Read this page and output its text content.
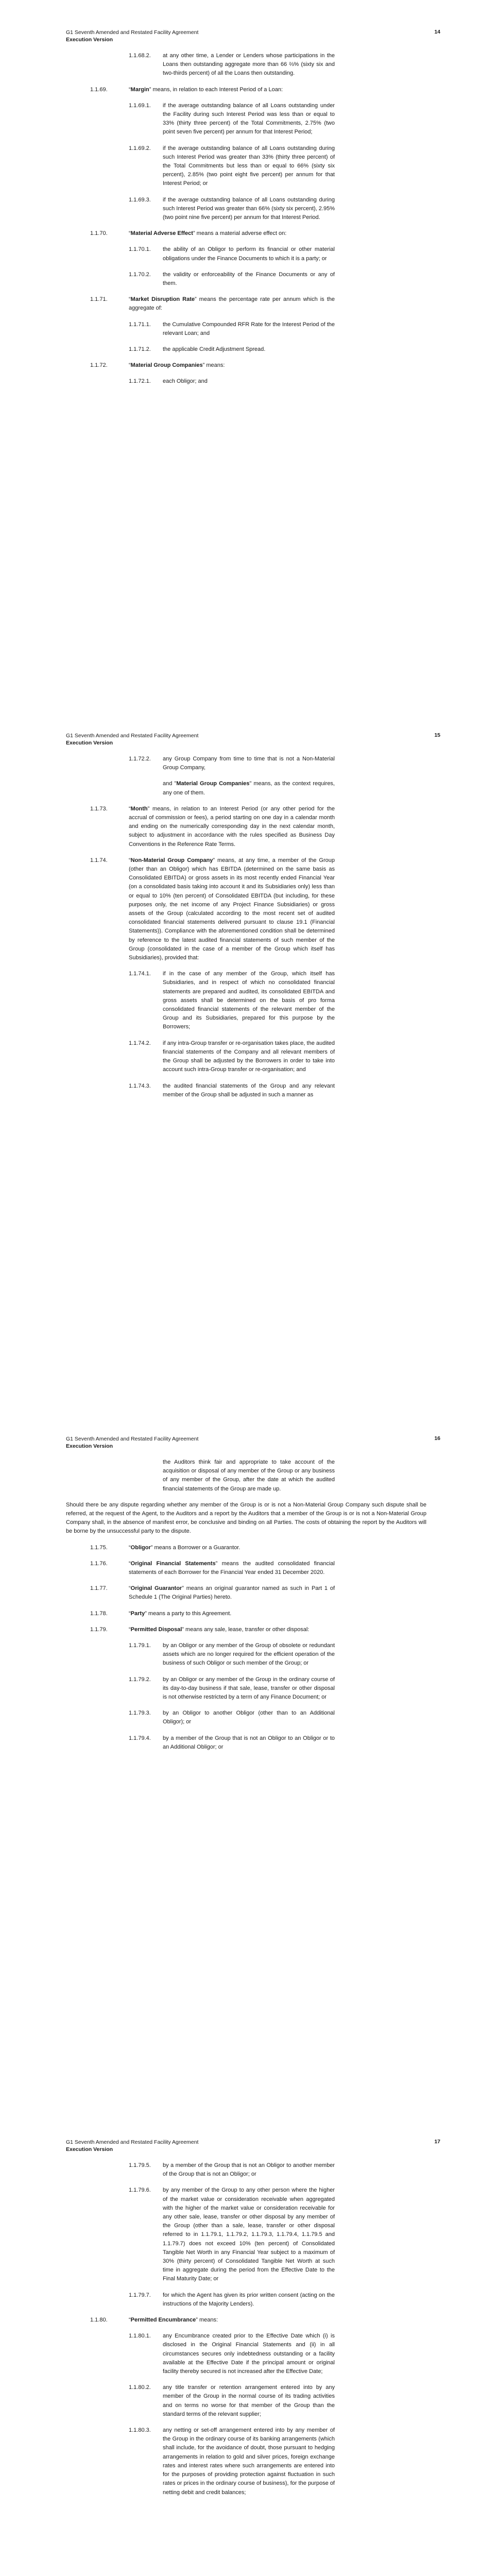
G1 Seventh Amended and Restated Facility Agreement
Execution Version
14
1.1.68.2. at any other time, a Lender or Lenders whose participations in the Loans then outstanding aggregate more than 66 ⅔% (sixty six and two-thirds percent) of all the Loans then outstanding.
1.1.69.	“Margin” means, in relation to each Interest Period of a Loan:
1.1.69.1. if the average outstanding balance of all Loans outstanding under the Facility during such Interest Period was less than or equal to 33% (thirty three percent) of the Total Commitments, 2.75% (two point seven five percent) per annum for that Interest Period;
1.1.69.2. if the average outstanding balance of all Loans outstanding during such Interest Period was greater than 33% (thirty three percent) of the Total Commitments but less than or equal to 66% (sixty six percent), 2.85% (two point eight five percent) per annum for that Interest Period; or
1.1.69.3. if the average outstanding balance of all Loans outstanding during such Interest Period was greater than 66% (sixty six percent), 2.95% (two point nine five percent) per annum for that Interest Period.
1.1.70.	“Material Adverse Effect” means a material adverse effect on:
1.1.70.1. the ability of an Obligor to perform its financial or other material obligations under the Finance Documents to which it is a party; or
1.1.70.2. the validity or enforceability of the Finance Documents or any of them.
1.1.71.	“Market Disruption Rate” means the percentage rate per annum which is the aggregate of:
1.1.71.1. the Cumulative Compounded RFR Rate for the Interest Period of the relevant Loan; and
1.1.71.2. the applicable Credit Adjustment Spread.
1.1.72.	“Material Group Companies” means:
1.1.72.1. each Obligor; and
G1 Seventh Amended and Restated Facility Agreement
Execution Version
15
1.1.72.2. any Group Company from time to time that is not a Non-Material Group Company,
and "Material Group Companies" means, as the context requires, any one of them.
1.1.73.	“Month” means, in relation to an Interest Period (or any other period for the accrual of commission or fees), a period starting on one day in a calendar month and ending on the numerically corresponding day in the next calendar month, subject to adjustment in accordance with the rules specified as Business Day Conventions in the Reference Rate Terms.
1.1.74.	“Non-Material Group Company” means, at any time, a member of the Group (other than an Obligor) which has EBITDA (determined on the same basis as Consolidated EBITDA) or gross assets in its most recently ended Financial Year (on a consolidated basis taking into account it and its Subsidiaries only) less than or equal to 10% (ten percent) of Consolidated EBITDA (but including, for these purposes only, the net income of any Project Finance Subsidiaries) or gross assets of the Group (calculated according to the most recent set of audited consolidated financial statements delivered pursuant to clause 19.1 (Financial Statements)). Compliance with the aforementioned condition shall be determined by reference to the latest audited financial statements of such member of the Group (consolidated in the case of a member of the Group which itself has Subsidiaries), provided that:
1.1.74.1. if in the case of any member of the Group, which itself has Subsidiaries, and in respect of which no consolidated financial statements are prepared and audited, its consolidated EBITDA and gross assets shall be determined on the basis of pro forma consolidated financial statements of the relevant member of the Group and its Subsidiaries, prepared for this purpose by the Borrowers;
1.1.74.2. if any intra-Group transfer or re-organisation takes place, the audited financial statements of the Company and all relevant members of the Group shall be adjusted by the Borrowers in order to take into account such intra-Group transfer or re-organisation; and
1.1.74.3. the audited financial statements of the Group and any relevant member of the Group shall be adjusted in such a manner as
G1 Seventh Amended and Restated Facility Agreement
Execution Version
16
the Auditors think fair and appropriate to take account of the acquisition or disposal of any member of the Group or any business of any member of the Group, after the date at which the audited financial statements of the Group are made up.
Should there be any dispute regarding whether any member of the Group is or is not a Non-Material Group Company such dispute shall be referred, at the request of the Agent, to the Auditors and a report by the Auditors that a member of the Group is or is not a Non-Material Group Company shall, in the absence of manifest error, be conclusive and binding on all Parties. The costs of obtaining the report by the Auditors will be borne by the unsuccessful party to the dispute.
1.1.75.	“Obligor” means a Borrower or a Guarantor.
1.1.76.	“Original Financial Statements” means the audited consolidated financial statements of each Borrower for the Financial Year ended 31 December 2020.
1.1.77.	“Original Guarantor” means an original guarantor named as such in Part 1 of Schedule 1 (The Original Parties) hereto.
1.1.78.	“Party” means a party to this Agreement.
1.1.79.	“Permitted Disposal” means any sale, lease, transfer or other disposal:
1.1.79.1. by an Obligor or any member of the Group of obsolete or redundant assets which are no longer required for the efficient operation of the business of such Obligor or such member of the Group; or
1.1.79.2. by an Obligor or any member of the Group in the ordinary course of its day-to-day business if that sale, lease, transfer or other disposal is not otherwise restricted by a term of any Finance Document; or
1.1.79.3. by an Obligor to another Obligor (other than to an Additional Obligor); or
1.1.79.4. by a member of the Group that is not an Obligor to an Obligor or to an Additional Obligor; or
G1 Seventh Amended and Restated Facility Agreement
Execution Version
17
1.1.79.5. by a member of the Group that is not an Obligor to another member of the Group that is not an Obligor; or
1.1.79.6. by any member of the Group to any other person where the higher of the market value or consideration receivable when aggregated with the higher of the market value or consideration receivable for any other sale, lease, transfer or other disposal by any member of the Group (other than a sale, lease, transfer or other disposal referred to in 1.1.79.1, 1.1.79.2, 1.1.79.3, 1.1.79.4, 1.1.79.5 and 1.1.79.7) does not exceed 10% (ten percent) of Consolidated Tangible Net Worth in any Financial Year subject to a maximum of 30% (thirty percent) of Consolidated Tangible Net Worth at such time in aggregate during the period from the Effective Date to the Final Maturity Date; or
1.1.79.7. for which the Agent has given its prior written consent (acting on the instructions of the Majority Lenders).
1.1.80.	“Permitted Encumbrance” means:
1.1.80.1. any Encumbrance created prior to the Effective Date which (i) is disclosed in the Original Financial Statements and (ii) in all circumstances secures only indebtedness outstanding or a facility available at the Effective Date if the principal amount or original facility thereby secured is not increased after the Effective Date;
1.1.80.2. any title transfer or retention arrangement entered into by any member of the Group in the normal course of its trading activities and on terms no worse for that member of the Group than the standard terms of the relevant supplier;
1.1.80.3. any netting or set-off arrangement entered into by any member of the Group in the ordinary course of its banking arrangements (which shall include, for the avoidance of doubt, those pursuant to hedging arrangements in relation to gold and silver prices, foreign exchange rates and interest rates where such arrangements are entered into for the purposes of providing protection against fluctuation in such rates or prices in the ordinary course of business), for the purpose of netting debit and credit balances;
